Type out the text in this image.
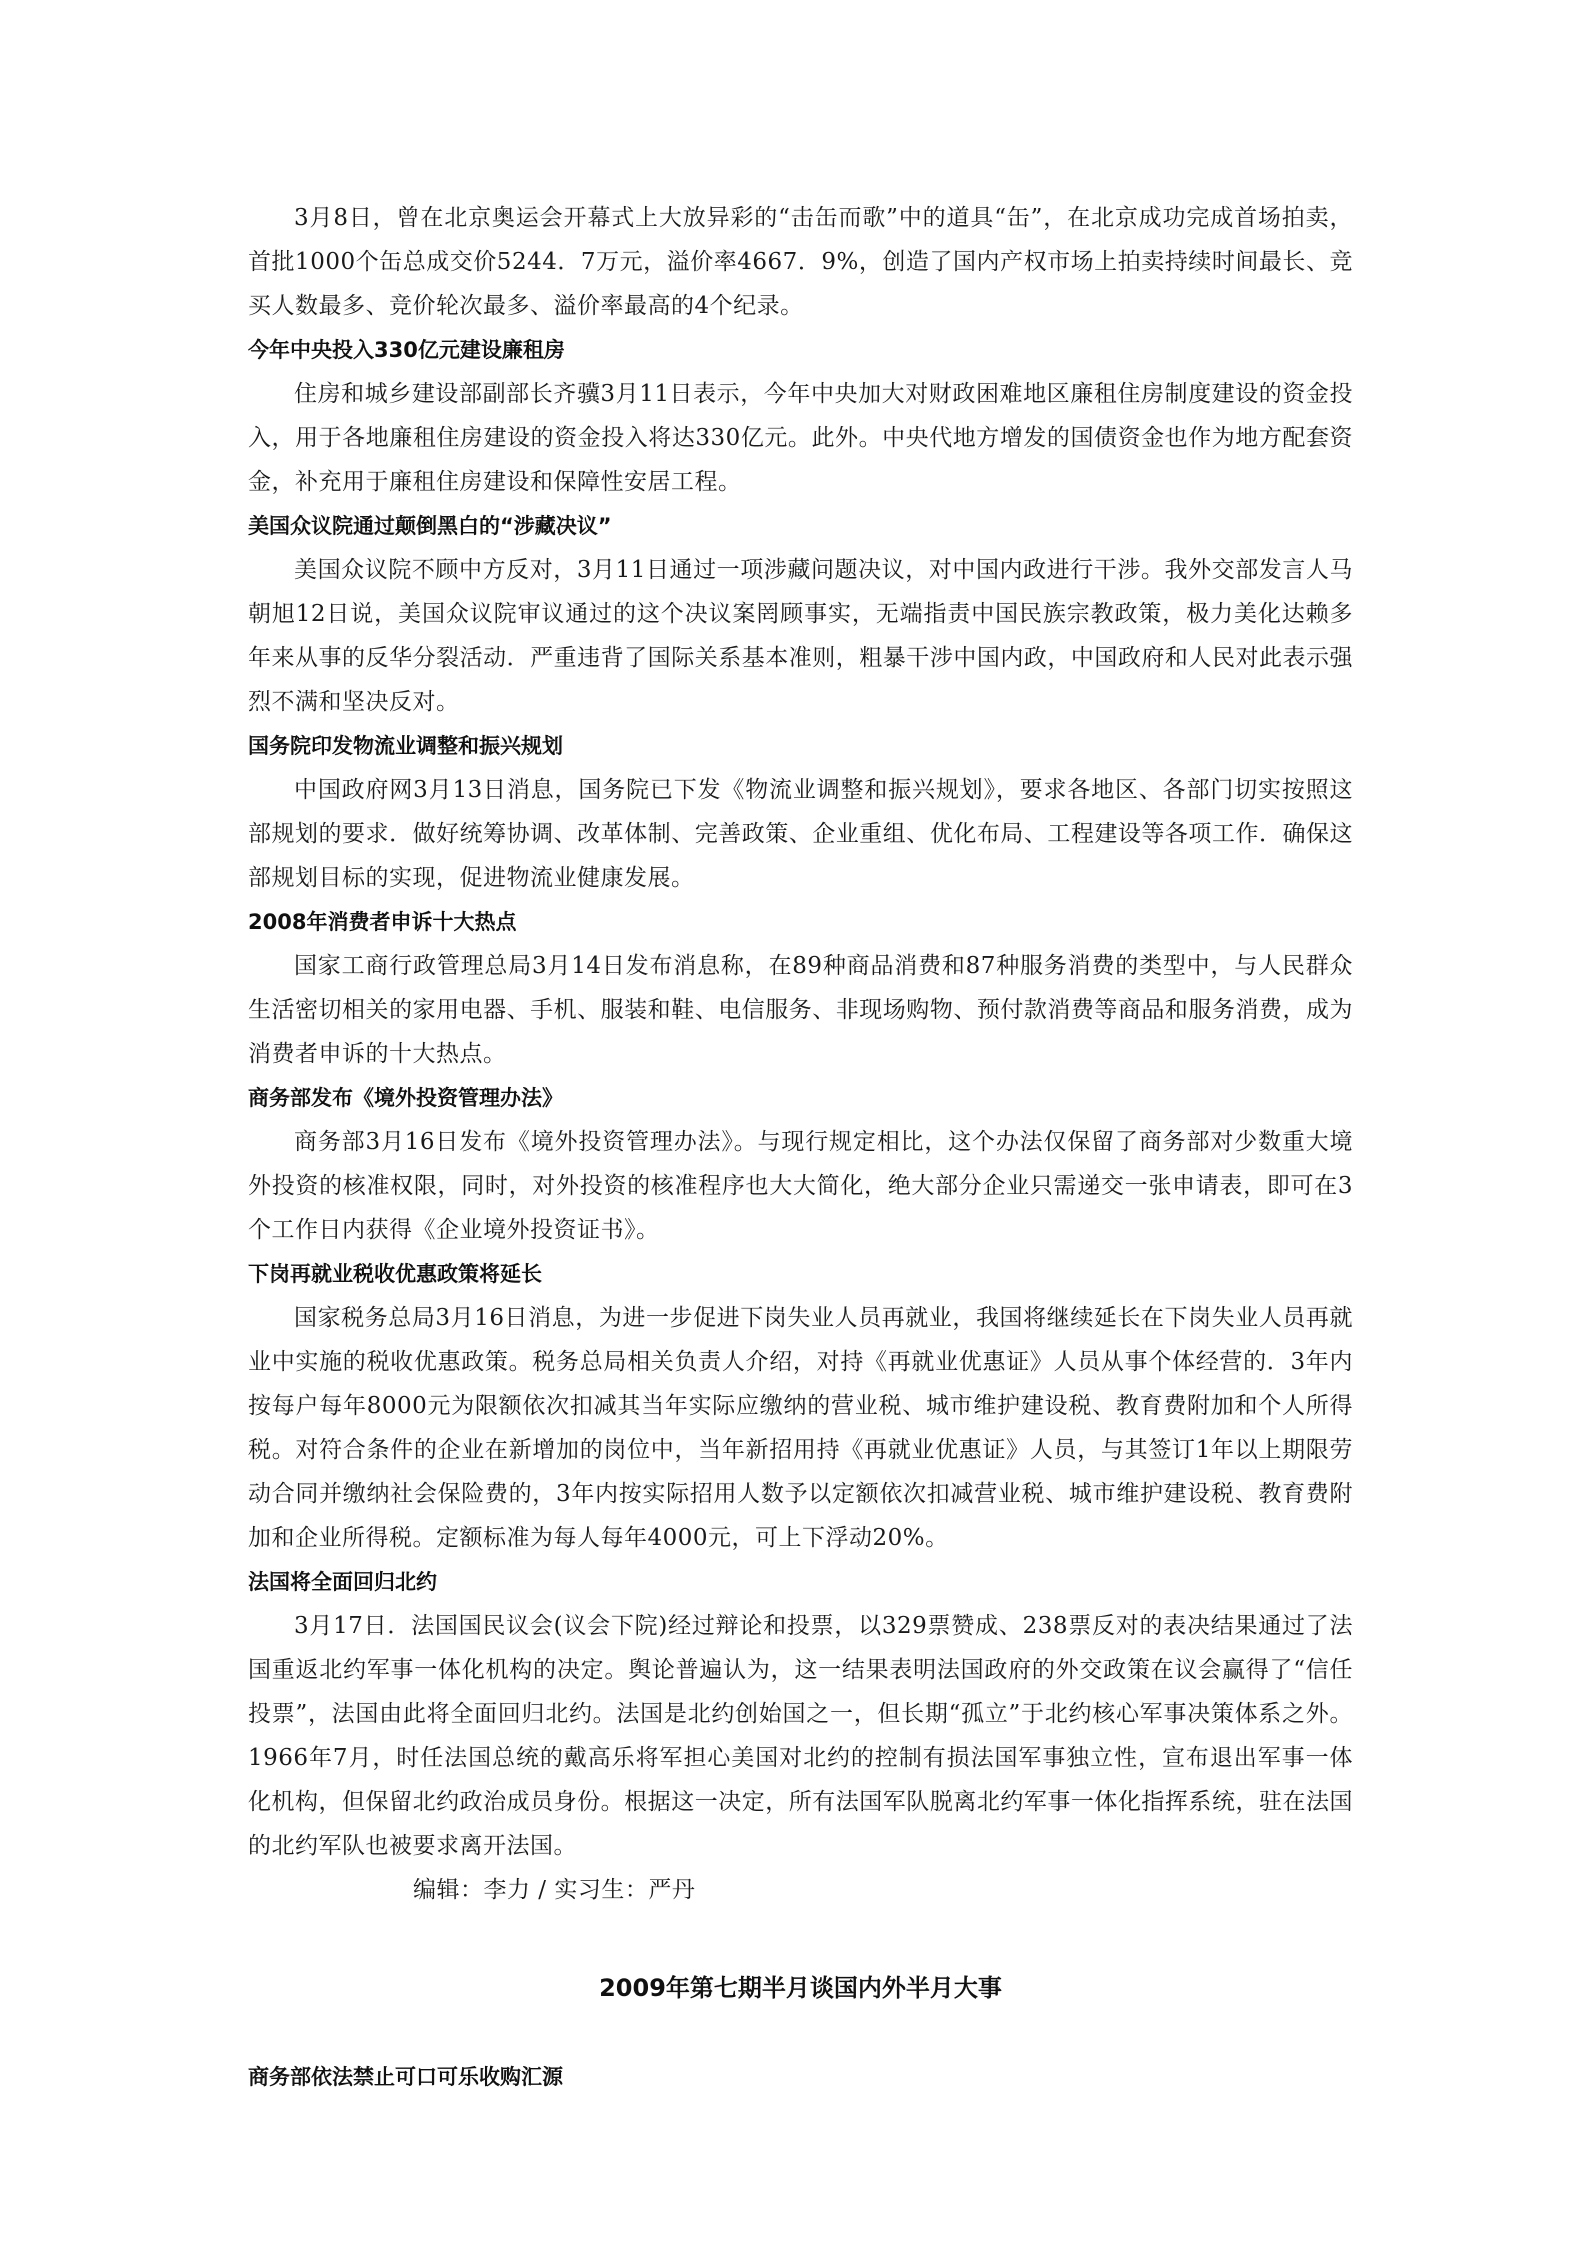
3月8日，曾在北京奥运会开幕式上大放异彩的“击缶而歌”中的道具“缶”，在北京成功完成首场拍卖，首批1000个缶总成交价5244．7万元，溢价率4667．9%，创造了国内产权市场上拍卖持续时间最长、竞买人数最多、竞价轮次最多、溢价率最高的4个纪录。

今年中央投入330亿元建设廉租房

住房和城乡建设部副部长齐骥3月11日表示，今年中央加大对财政困难地区廉租住房制度建设的资金投入，用于各地廉租住房建设的资金投入将达330亿元。此外。中央代地方增发的国债资金也作为地方配套资金，补充用于廉租住房建设和保障性安居工程。

美国众议院通过颠倒黑白的“涉藏决议”

美国众议院不顾中方反对，3月11日通过一项涉藏问题决议，对中国内政进行干涉。我外交部发言人马朝旭12日说，美国众议院审议通过的这个决议案罔顾事实，无端指责中国民族宗教政策，极力美化达赖多年来从事的反华分裂活动．严重违背了国际关系基本准则，粗暴干涉中国内政，中国政府和人民对此表示强烈不满和坚决反对。

国务院印发物流业调整和振兴规划

中国政府网3月13日消息，国务院已下发《物流业调整和振兴规划》，要求各地区、各部门切实按照这部规划的要求．做好统筹协调、改革体制、完善政策、企业重组、优化布局、工程建设等各项工作．确保这部规划目标的实现，促进物流业健康发展。

2008年消费者申诉十大热点

国家工商行政管理总局3月14日发布消息称，在89种商品消费和87种服务消费的类型中，与人民群众生活密切相关的家用电器、手机、服装和鞋、电信服务、非现场购物、预付款消费等商品和服务消费，成为消费者申诉的十大热点。

商务部发布《境外投资管理办法》

商务部3月16日发布《境外投资管理办法》。与现行规定相比，这个办法仅保留了商务部对少数重大境外投资的核准权限，同时，对外投资的核准程序也大大简化，绝大部分企业只需递交一张申请表，即可在3个工作日内获得《企业境外投资证书》。

下岗再就业税收优惠政策将延长

国家税务总局3月16日消息，为进一步促进下岗失业人员再就业，我国将继续延长在下岗失业人员再就业中实施的税收优惠政策。税务总局相关负责人介绍，对持《再就业优惠证》人员从事个体经营的．3年内按每户每年8000元为限额依次扣减其当年实际应缴纳的营业税、城市维护建设税、教育费附加和个人所得税。对符合条件的企业在新增加的岗位中，当年新招用持《再就业优惠证》人员，与其签订1年以上期限劳动合同并缴纳社会保险费的，3年内按实际招用人数予以定额依次扣减营业税、城市维护建设税、教育费附加和企业所得税。定额标准为每人每年4000元，可上下浮动20%。

法国将全面回归北约

3月17日．法国国民议会(议会下院)经过辩论和投票，以329票赞成、238票反对的表决结果通过了法国重返北约军事一体化机构的决定。舆论普遍认为，这一结果表明法国政府的外交政策在议会赢得了“信任投票”，法国由此将全面回归北约。法国是北约创始国之一，但长期“孤立”于北约核心军事决策体系之外。1966年7月，时任法国总统的戴高乐将军担心美国对北约的控制有损法国军事独立性，宣布退出军事一体化机构，但保留北约政治成员身份。根据这一决定，所有法国军队脱离北约军事一体化指挥系统，驻在法国的北约军队也被要求离开法国。

编辑：李力 / 实习生：严丹

2009年第七期半月谈国内外半月大事

商务部依法禁止可口可乐收购汇源
